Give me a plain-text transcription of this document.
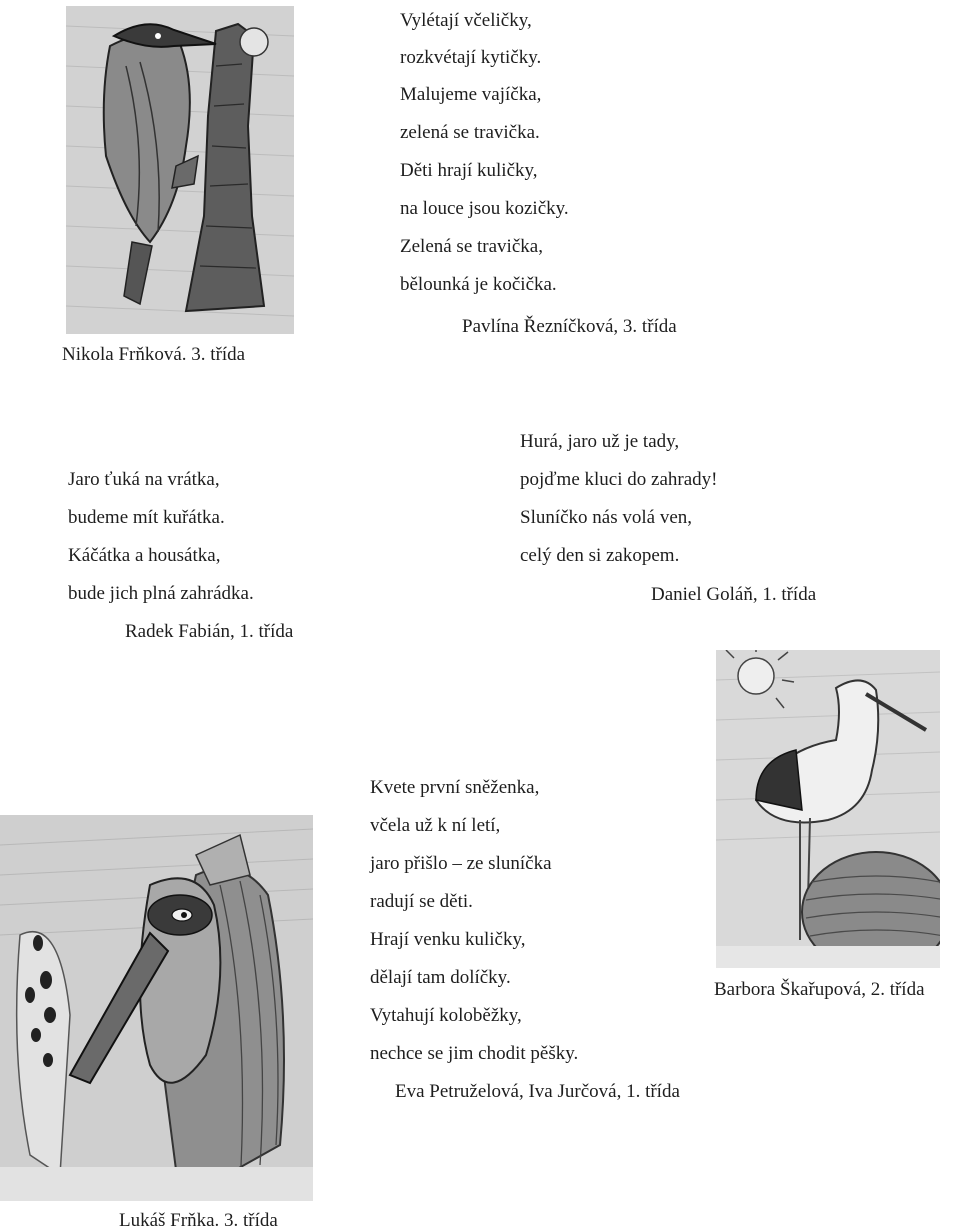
Nikola Frňková. 3. třída

Vylétají včeličky,
rozkvétají kytičky.
Malujeme vajíčka,
zelená se travička.
Děti hrají kuličky,
na louce jsou kozičky.
Zelená se travička,
bělounká je kočička.

Pavlína Řezníčková, 3. třída

Jaro ťuká na vrátka,
budeme mít kuřátka.
Káčátka a housátka,
bude jich plná zahrádka.

Radek Fabián, 1. třída

Hurá, jaro už je tady,
pojďme kluci do zahrady!
Sluníčko nás volá ven,
celý den si zakopem.

Daniel Goláň, 1. třída

Barbora Škařupová, 2. třída

Lukáš Frňka. 3. třída

Kvete první sněženka,
včela už k ní letí,
jaro přišlo – ze sluníčka
radují se děti.
Hrají venku kuličky,
dělají tam dolíčky.
Vytahují koloběžky,
nechce se jim chodit pěšky.

Eva Petruželová, Iva Jurčová, 1. třída
